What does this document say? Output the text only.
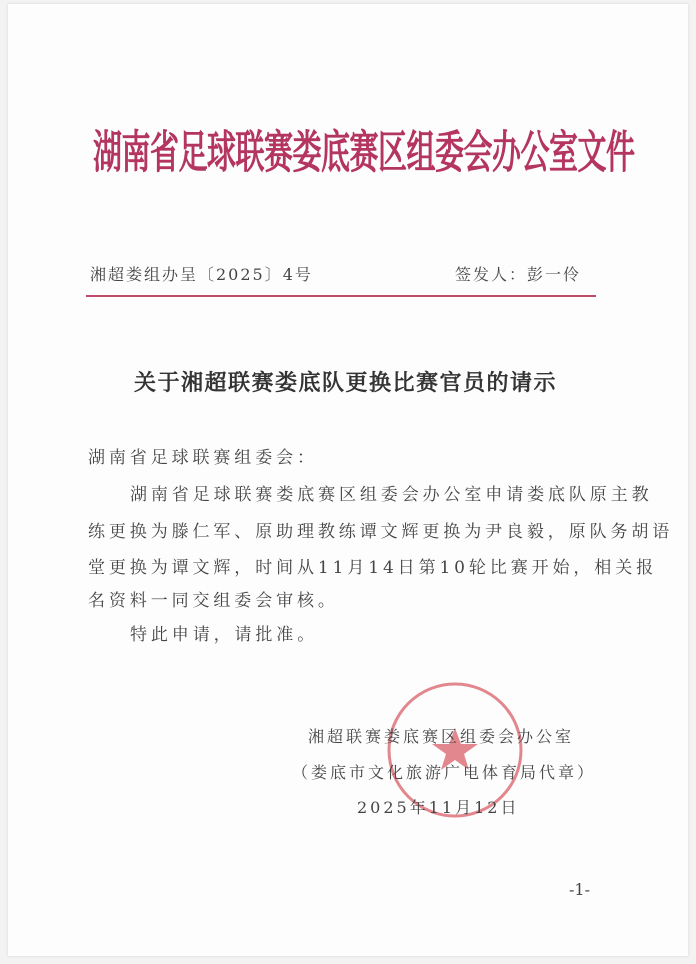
湖南省足球联赛娄底赛区组委会办公室文件
湘超娄组办呈〔2025〕4号	签发人：彭一伶
关于湘超联赛娄底队更换比赛官员的请示
湖南省足球联赛组委会：
湖南省足球联赛娄底赛区组委会办公室申请娄底队原主教
练更换为滕仁军、原助理教练谭文辉更换为尹良毅，原队务胡语
堂更换为谭文辉，时间从11月14日第10轮比赛开始，相关报
名资料一同交组委会审核。
特此申请，请批准。
湘超联赛娄底赛区组委会办公室
（娄底市文化旅游广电体育局代章）
2025年11月12日
-1-
